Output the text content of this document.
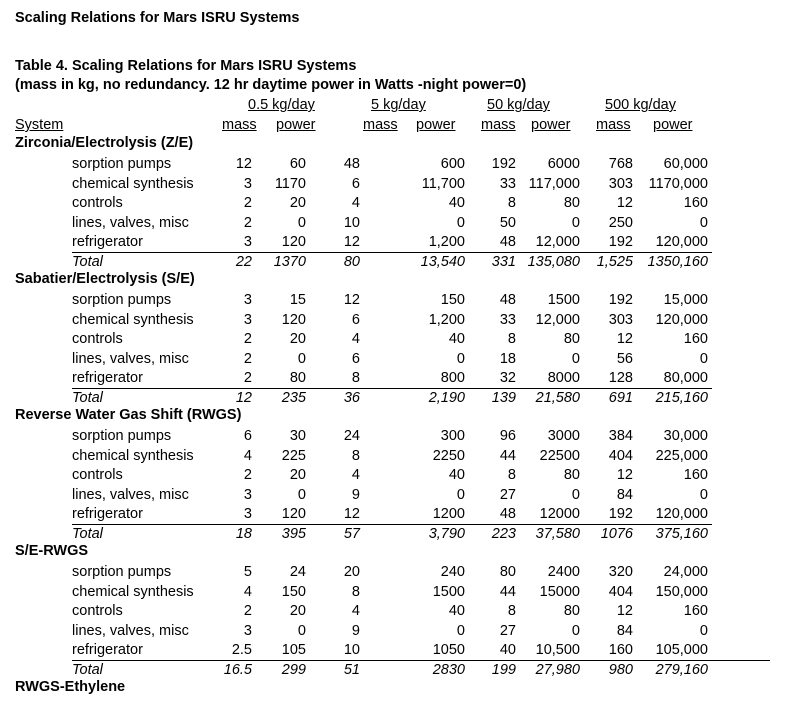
Scaling Relations for Mars ISRU Systems
Table 4. Scaling Relations for Mars ISRU Systems
(mass in kg, no redundancy. 12 hr daytime power in Watts -night power=0)
0.5 kg/day	5 kg/day	50 kg/day	500 kg/day
System	mass power	mass power mass power mass power
Zirconia/Electrolysis (Z/E)
sorption pumps	12	60	48	600	192	6000	768	60,000
chemical synthesis	3	1170	6	11,700	33 117,000	303	1170,000
controls	2	20	4	40	8	80	12	160
lines, valves, misc	2	0	10	0	50	0	250	0
refrigerator	3	120	12	1,200	48	12,000	192	120,000
Total	22	1370	80	13,540	331 135,080	1,525	1350,160
Sabatier/Electrolysis (S/E)
sorption pumps	3	15	12	150	48	1500	192	15,000
chemical synthesis	3	120	6	1,200	33	12,000	303	120,000
controls	2	20	4	40	8	80	12	160
lines, valves, misc	2	0	6	0	18	0	56	0
refrigerator	2	80	8	800	32	8000	128	80,000
Total	12	235	36	2,190	139	21,580	691	215,160
Reverse Water Gas Shift (RWGS)
sorption pumps	6	30	24	300	96	3000	384	30,000
chemical synthesis	4	225	8	2250	44	22500	404	225,000
controls	2	20	4	40	8	80	12	160
lines, valves, misc	3	0	9	0	27	0	84	0
refrigerator	3	120	12	1200	48	12000	192	120,000
Total	18	395	57	3,790	223	37,580	1076	375,160
S/E-RWGS
sorption pumps	5	24	20	240	80	2400	320	24,000
chemical synthesis	4	150	8	1500	44	15000	404	150,000
controls	2	20	4	40	8	80	12	160
lines, valves, misc	3	0	9	0	27	0	84	0
refrigerator	2.5	105	10	1050	40	10,500	160	105,000
Total	16.5	299	51	2830	199	27,980	980	279,160
RWGS-Ethylene
